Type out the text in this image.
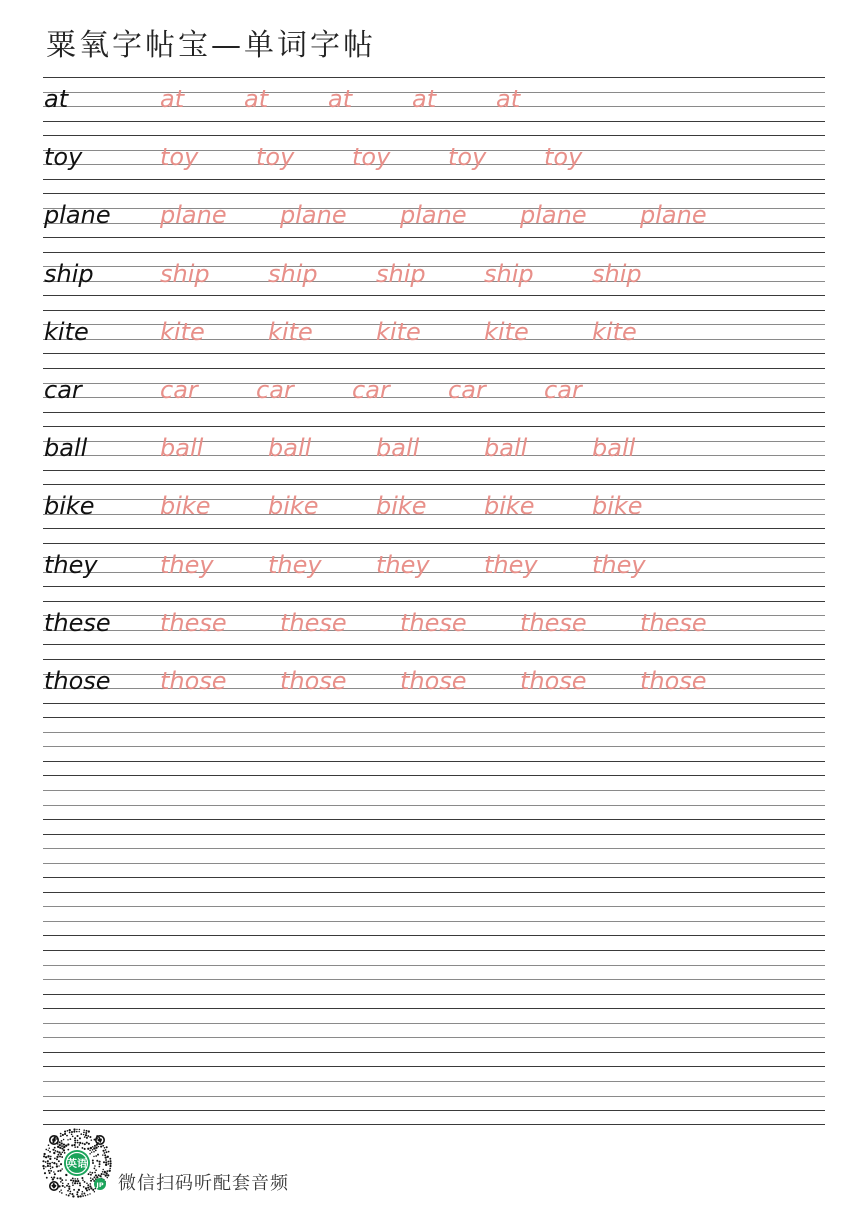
粟氧字帖宝—单词字帖
at	at at at at at
toy	toy toy toy toy toy
plane plane plane plane plane plane
ship	ship ship ship ship ship
kite	kite	kite	kite	kite	kite
car	car car car car car
ball	ball	ball	ball	ball	ball
bike	bike bike bike bike bike
they	they they they they they
these these these these these these
those those those those those those
英语
JP 微信扫码听配套音频
